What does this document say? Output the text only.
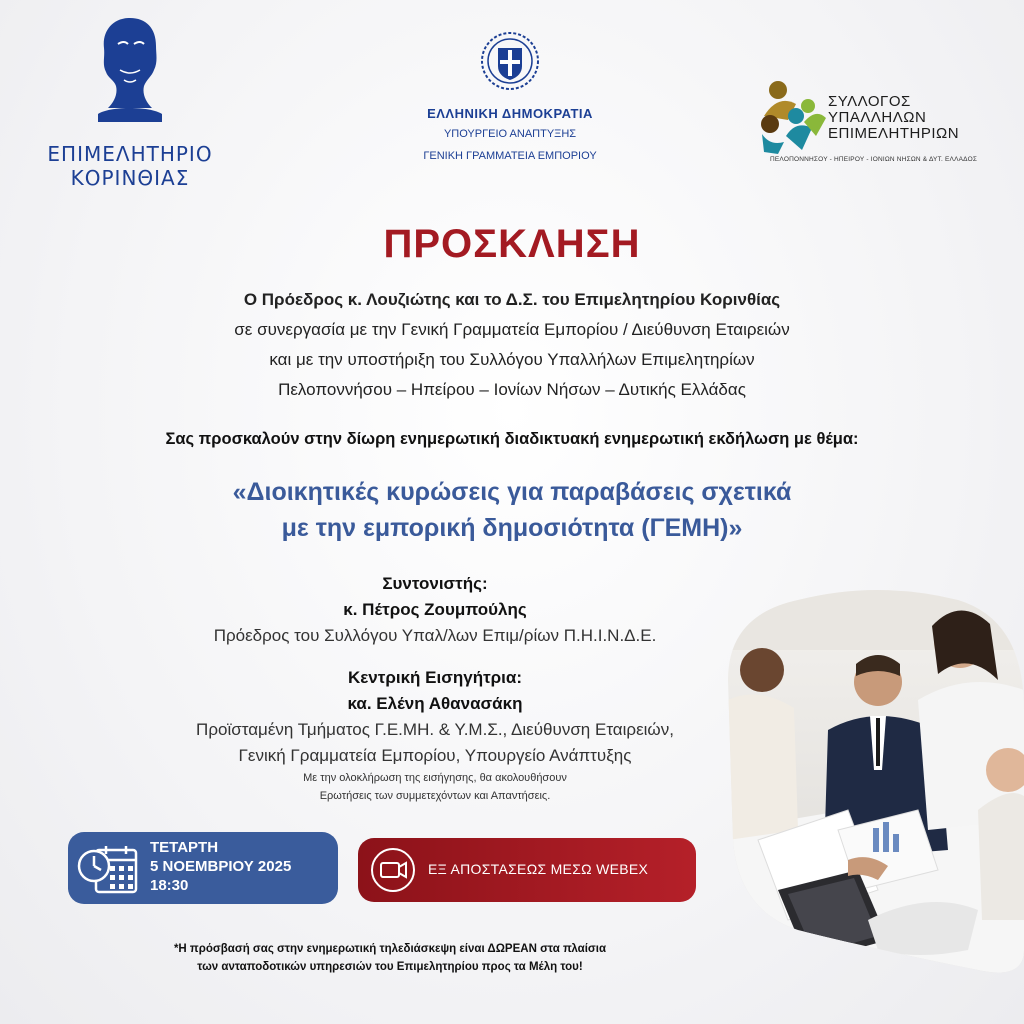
ΕΠΙΜΕΛΗΤΗΡΙΟ
ΚΟΡΙΝΘΙΑΣ
ΕΛΛΗΝΙΚΗ ΔΗΜΟΚΡΑΤΙΑ
ΥΠΟΥΡΓΕΙΟ ΑΝΑΠΤΥΞΗΣ
ΓΕΝΙΚΗ ΓΡΑΜΜΑΤΕΙΑ ΕΜΠΟΡΙΟΥ
ΣΥΛΛΟΓΟΣ
ΥΠΑΛΛΗΛΩΝ
ΕΠΙΜΕΛΗΤΗΡΙΩΝ
ΠΕΛΟΠΟΝΝΗΣΟΥ - ΗΠΕΙΡΟΥ - ΙΟΝΙΩΝ ΝΗΣΩΝ & ΔΥΤ. ΕΛΛΑΔΟΣ
ΠΡΟΣΚΛΗΣΗ
Ο Πρόεδρος κ. Λουζιώτης και το Δ.Σ. του Επιμελητηρίου Κορινθίας
σε συνεργασία με την Γενική Γραμματεία Εμπορίου / Διεύθυνση Εταιρειών
και με την υποστήριξη του Συλλόγου Υπαλλήλων Επιμελητηρίων
Πελοποννήσου – Ηπείρου – Ιονίων Νήσων – Δυτικής Ελλάδας
Σας προσκαλούν στην δίωρη ενημερωτική διαδικτυακή ενημερωτική εκδήλωση με θέμα:
«Διοικητικές κυρώσεις για παραβάσεις σχετικά
με την εμπορική δημοσιότητα (ΓΕΜΗ)»
Συντονιστής:
κ. Πέτρος Ζουμπούλης
Πρόεδρος του Συλλόγου Υπαλ/λων Επιμ/ρίων Π.Η.Ι.Ν.Δ.Ε.
Κεντρική Εισηγήτρια:
κα. Ελένη Αθανασάκη
Προϊσταμένη Τμήματος Γ.Ε.ΜΗ. & Υ.Μ.Σ., Διεύθυνση Εταιρειών,
Γενική Γραμματεία Εμπορίου, Υπουργείο Ανάπτυξης
Με την ολοκλήρωση της εισήγησης, θα ακολουθήσουν
Ερωτήσεις των συμμετεχόντων και Απαντήσεις.
ΤΕΤΑΡΤΗ
5 ΝΟΕΜΒΡΙΟΥ 2025
18:30
ΕΞ ΑΠΟΣΤΑΣΕΩΣ ΜΕΣΩ WEBEX
*Η πρόσβασή σας στην ενημερωτική τηλεδιάσκεψη είναι ΔΩΡΕΑΝ στα πλαίσια
των ανταποδοτικών υπηρεσιών του Επιμελητηρίου προς τα Μέλη του!
